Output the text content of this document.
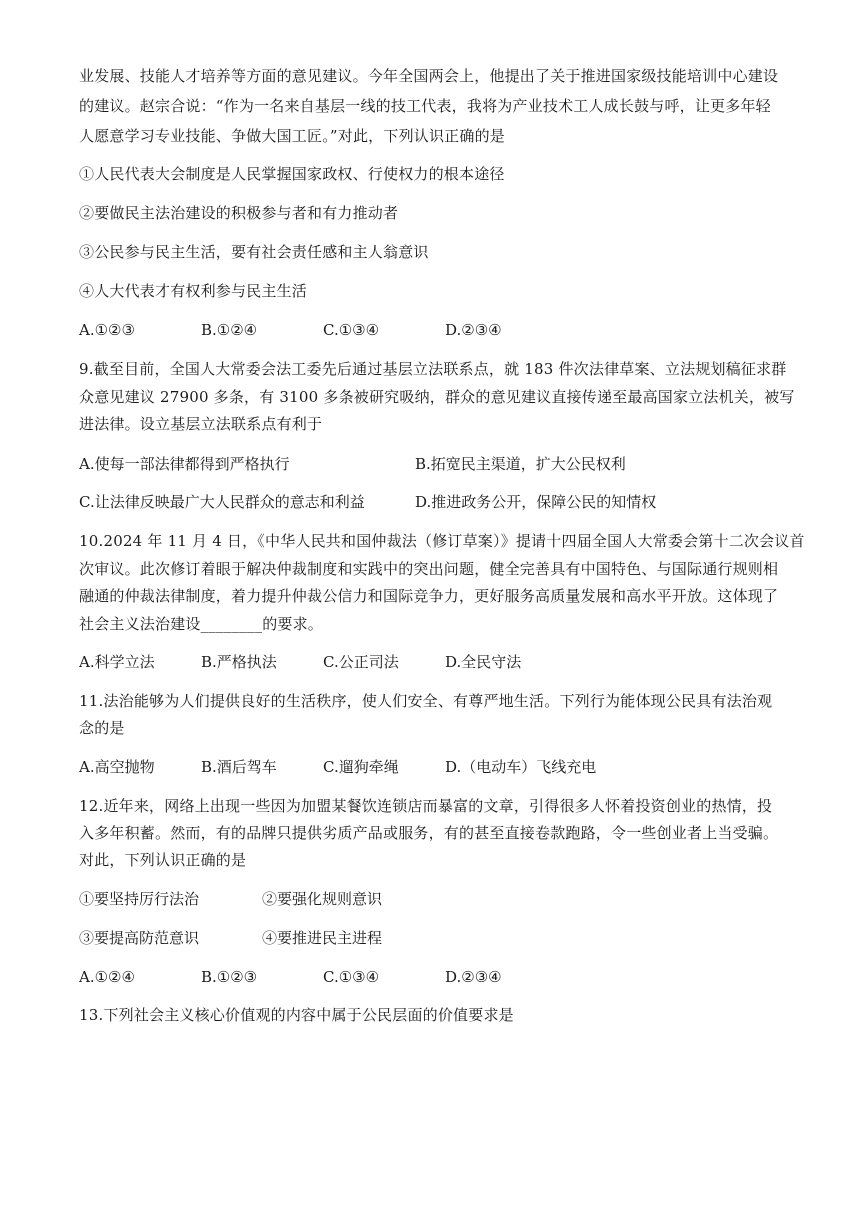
业发展、技能人才培养等方面的意见建议。今年全国两会上，他提出了关于推进国家级技能培训中心建设
的建议。赵宗合说：“作为一名来自基层一线的技工代表，我将为产业技术工人成长鼓与呼，让更多年轻
人愿意学习专业技能、争做大国工匠。”对此，下列认识正确的是
①人民代表大会制度是人民掌握国家政权、行使权力的根本途径
②要做民主法治建设的积极参与者和有力推动者
③公民参与民主生活，要有社会责任感和主人翁意识
④人大代表才有权利参与民主生活
A.①②③	B.①②④	C.①③④	D.②③④
9.截至目前，全国人大常委会法工委先后通过基层立法联系点，就 183 件次法律草案、立法规划稿征求群
众意见建议 27900 多条，有 3100 多条被研究吸纳，群众的意见建议直接传递至最高国家立法机关，被写
进法律。设立基层立法联系点有利于
A.使每一部法律都得到严格执行	B.拓宽民主渠道，扩大公民权利
C.让法律反映最广大人民群众的意志和利益	D.推进政务公开，保障公民的知情权
10.2024 年 11 月 4 日，《中华人民共和国仲裁法（修订草案）》提请十四届全国人大常委会第十二次会议首
次审议。此次修订着眼于解决仲裁制度和实践中的突出问题，健全完善具有中国特色、与国际通行规则相
融通的仲裁法律制度，着力提升仲裁公信力和国际竞争力，更好服务高质量发展和高水平开放。这体现了
社会主义法治建设________的要求。
A.科学立法	B.严格执法	C.公正司法	D.全民守法
11.法治能够为人们提供良好的生活秩序，使人们安全、有尊严地生活。下列行为能体现公民具有法治观
念的是
A.高空抛物	B.酒后驾车	C.遛狗牵绳	D.（电动车）飞线充电
12.近年来，网络上出现一些因为加盟某餐饮连锁店而暴富的文章，引得很多人怀着投资创业的热情，投
入多年积蓄。然而，有的品牌只提供劣质产品或服务，有的甚至直接卷款跑路，令一些创业者上当受骗。
对此，下列认识正确的是
①要坚持厉行法治	②要强化规则意识
③要提高防范意识	④要推进民主进程
A.①②④	B.①②③	C.①③④	D.②③④
13.下列社会主义核心价值观的内容中属于公民层面的价值要求是
